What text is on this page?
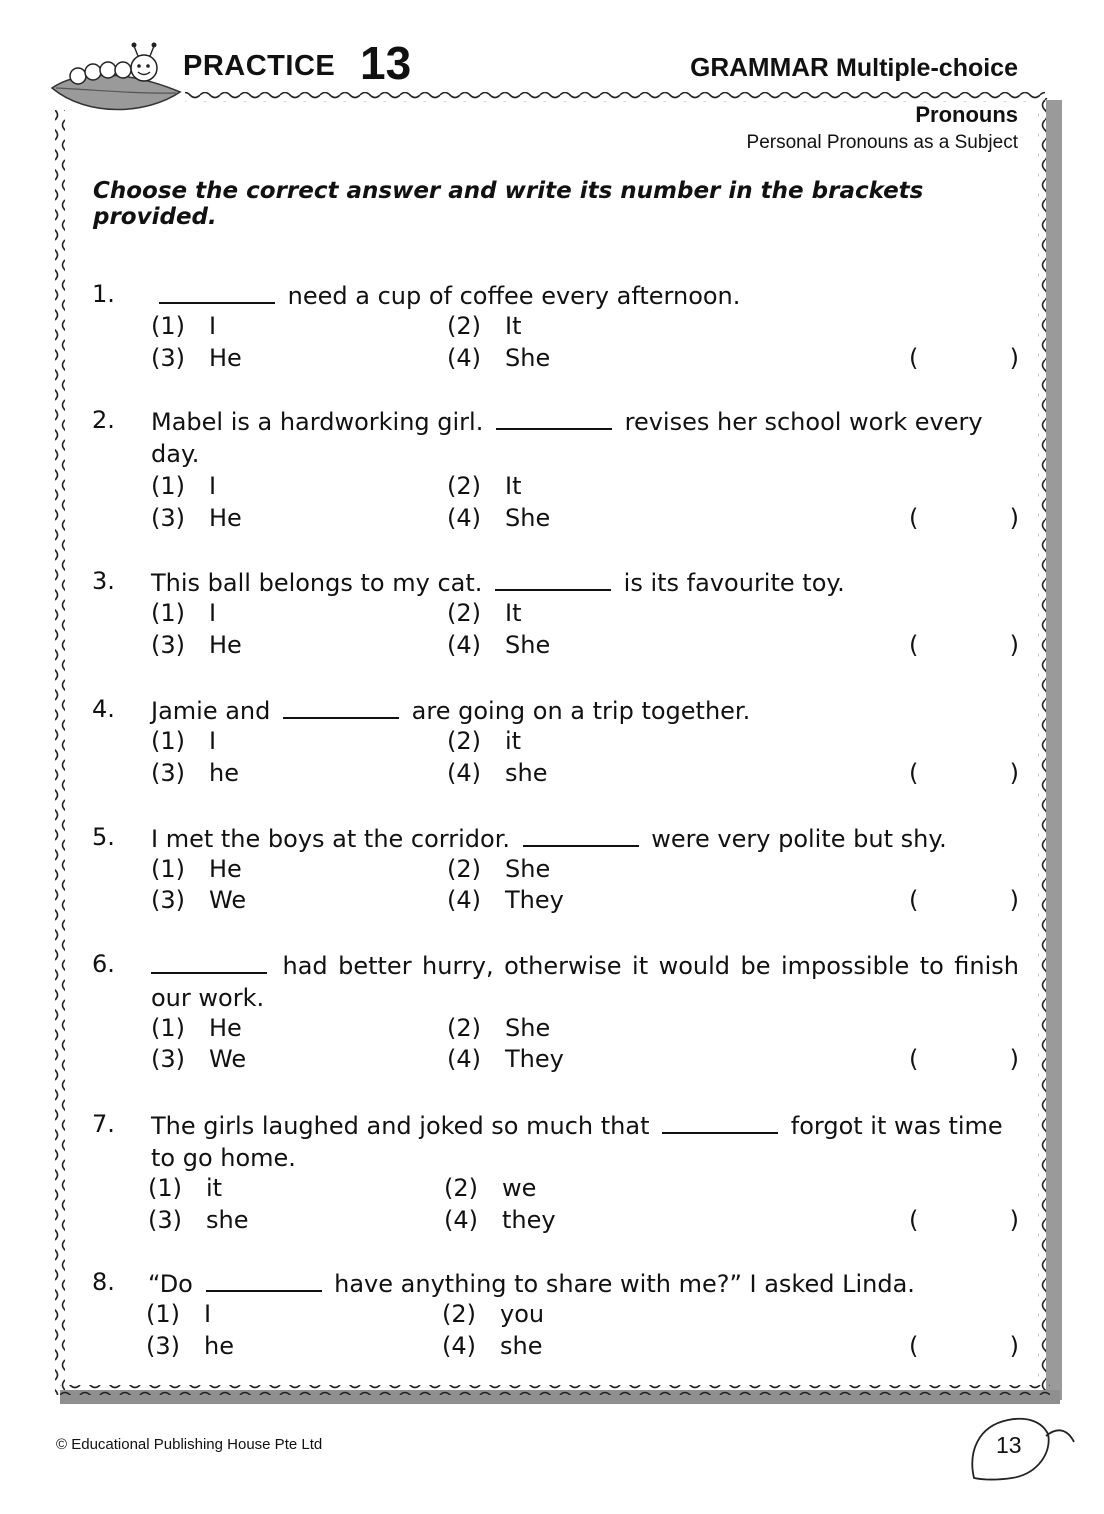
PRACTICE 13	GRAMMAR Multiple-choice
Pronouns
Personal Pronouns as a Subject
Choose the correct answer and write its number in the brackets provided.
1.	need a cup of coffee every afternoon.
(1) I	(2) It
(3) He	(4) She	(	)
2. Mabel is a hardworking girl.	revises her school work every day.
(1) I	(2) It
(3) He	(4) She	(	)
3. This ball belongs to my cat.	is its favourite toy.
(1) I	(2) It
(3) He	(4) She	(	)
4. Jamie and	are going on a trip together.
(1) I	(2) it
(3) he	(4) she	(	)
5. I met the boys at the corridor.	were very polite but shy.
(1) He	(2) She
(3) We	(4) They	(	)
6.	had better hurry, otherwise it would be impossible to finish our work.
(1) He	(2) She
(3) We	(4) They	(	)
7. The girls laughed and joked so much that	forgot it was time to go home.
(1) it	(2) we
(3) she	(4) they	(	)
8. “Do	have anything to share with me?” I asked Linda.
(1) I	(2) you
(3) he	(4) she	(	)
© Educational Publishing House Pte Ltd	13
